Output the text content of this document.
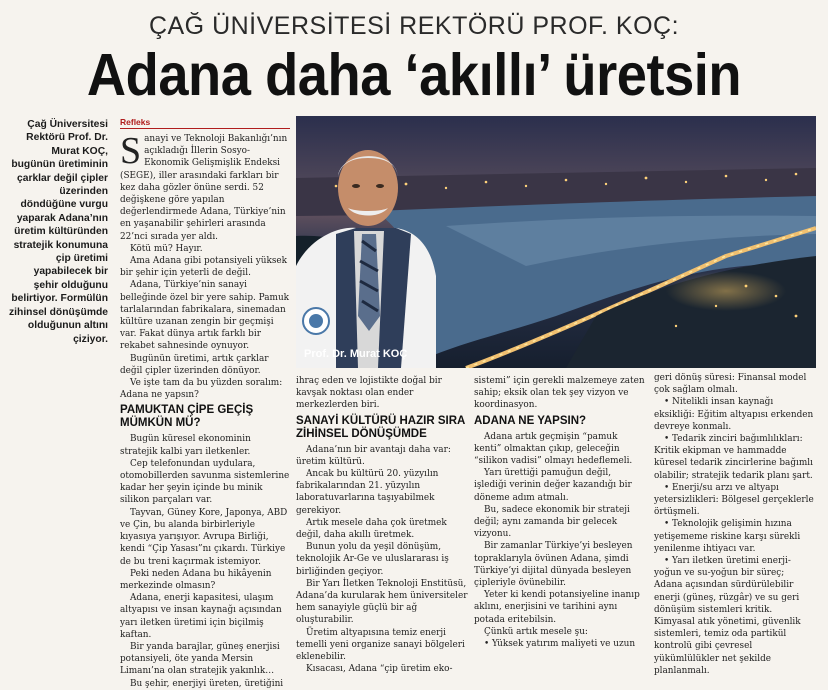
ÇAĞ ÜNİVERSİTESİ REKTÖRÜ PROF. KOÇ:
Adana daha ‘akıllı’ üretsin
Çağ Üniversitesi Rektörü Prof. Dr. Murat KOÇ, bugünün üretiminin çarklar değil çipler üzerinden döndüğüne vurgu yaparak Adana’nın üretim kültüründen stratejik konumuna çip üretimi yapabilecek bir şehir olduğunu belirtiyor. Formülün zihinsel dönüşümde olduğunun altını çiziyor.
Refleks

Sanayi ve Teknoloji Bakanlığı’nın açıkladığı İllerin Sosyo-Ekonomik Gelişmişlik Endeksi (SEGE), iller arasındaki farkları bir kez daha gözler önüne serdi. 52 değişkene göre yapılan değerlendirmede Adana, Türkiye’nin en yaşanabilir şehirleri arasında 22’nci sırada yer aldı.

Kötü mü? Hayır.

Ama Adana gibi potansiyeli yüksek bir şehir için yeterli de değil.

Adana, Türkiye’nin sanayi belleğinde özel bir yere sahip. Pamuk tarlalarından fabrikalara, sinemadan kültüre uzanan zengin bir geçmişi var. Fakat dünya artık farklı bir rekabet sahnesinde oynuyor.

Bugünün üretimi, artık çarklar değil çipler üzerinden dönüyor.

Ve işte tam da bu yüzden soralım: Adana ne yapsın?

PAMUKTAN ÇİPE GEÇİŞ MÜMKÜN MÜ?

Bugün küresel ekonominin stratejik kalbi yarı iletkenler.

Cep telefonundan uydulara, otomobillerden savunma sistemlerine kadar her şeyin içinde bu minik silikon parçaları var.

Tayvan, Güney Kore, Japonya, ABD ve Çin, bu alanda birbirleriyle kıyasıya yarışıyor. Avrupa Birliği, kendi “Çip Yasası”nı çıkardı. Türkiye de bu treni kaçırmak istemiyor.

Peki neden Adana bu hikâyenin merkezinde olmasın?

Adana, enerji kapasitesi, ulaşım altyapısı ve insan kaynağı açısından yarı iletken üretimi için biçilmiş kaftan.

Bir yanda barajlar, güneş enerjisi potansiyeli, öte yanda Mersin Limanı’na olan stratejik yakınlık…

Bu şehir, enerjiyi üreten, üretiğini

Prof. Dr. Murat KOÇ

ihraç eden ve lojistikte doğal bir kavşak noktası olan ender merkezlerden biri.

SANAYİ KÜLTÜRÜ HAZIR SIRA ZİHİNSEL DÖNÜŞÜMDE

Adana’nın bir avantajı daha var: üretim kültürü.

Ancak bu kültürü 20. yüzyılın fabrikalarından 21. yüzyılın laboratuvarlarına taşıyabilmek gerekiyor.

Artık mesele daha çok üretmek değil, daha akıllı üretmek.

Bunun yolu da yeşil dönüşüm, teknolojik Ar-Ge ve uluslararası iş birliğinden geçiyor.

Bir Yarı İletken Teknoloji Enstitüsü, Adana’da kurularak hem üniversiteler hem sanayiyle güçlü bir ağ oluşturabilir.

Üretim altyapısına temiz enerji temelli yeni organize sanayi bölgeleri eklenebilir.

Kısacası, Adana “çip üretim eko-

sistemi” için gerekli malzemeye zaten sahip; eksik olan tek şey vizyon ve koordinasyon.

ADANA NE YAPSIN?

Adana artık geçmişin “pamuk kenti” olmaktan çıkıp, geleceğin “silikon vadisi” olmayı hedeflemeli.

Yarı ürettiği pamuğun değil, işlediği verinin değer kazandığı bir döneme adım atmalı.

Bu, sadece ekonomik bir strateji değil; aynı zamanda bir gelecek vizyonu.

Bir zamanlar Türkiye’yi besleyen topraklarıyla övünen Adana, şimdi Türkiye’yi dijital dünyada besleyen çipleriyle övünebilir.

Yeter ki kendi potansiyeline inanıp aklını, enerjisini ve tarihini aynı potada eritebilsin.

Çünkü artık mesele şu:

• Yüksek yatırım maliyeti ve uzun

geri dönüş süresi: Finansal model çok sağlam olmalı.

• Nitelikli insan kaynağı eksikliği: Eğitim altyapısı erkenden devreye konmalı.

• Tedarik zinciri bağımlılıkları: Kritik ekipman ve hammadde küresel tedarik zincirlerine bağımlı olabilir; stratejik tedarik planı şart.

• Enerji/su arzı ve altyapı yetersizlikleri: Bölgesel gerçeklerle örtüşmeli.

• Teknolojik gelişimin hızına yetişememe riskine karşı sürekli yenilenme ihtiyacı var.

• Yarı iletken üretimi enerji-yoğun ve su-yoğun bir süreç; Adana açısından sürdürülebilir enerji (güneş, rüzgâr) ve su geri dönüşüm sistemleri kritik. Kimyasal atık yönetimi, güvenlik sistemleri, temiz oda partikül kontrolü gibi çevresel yükümlülükler net şekilde planlanmalı.
